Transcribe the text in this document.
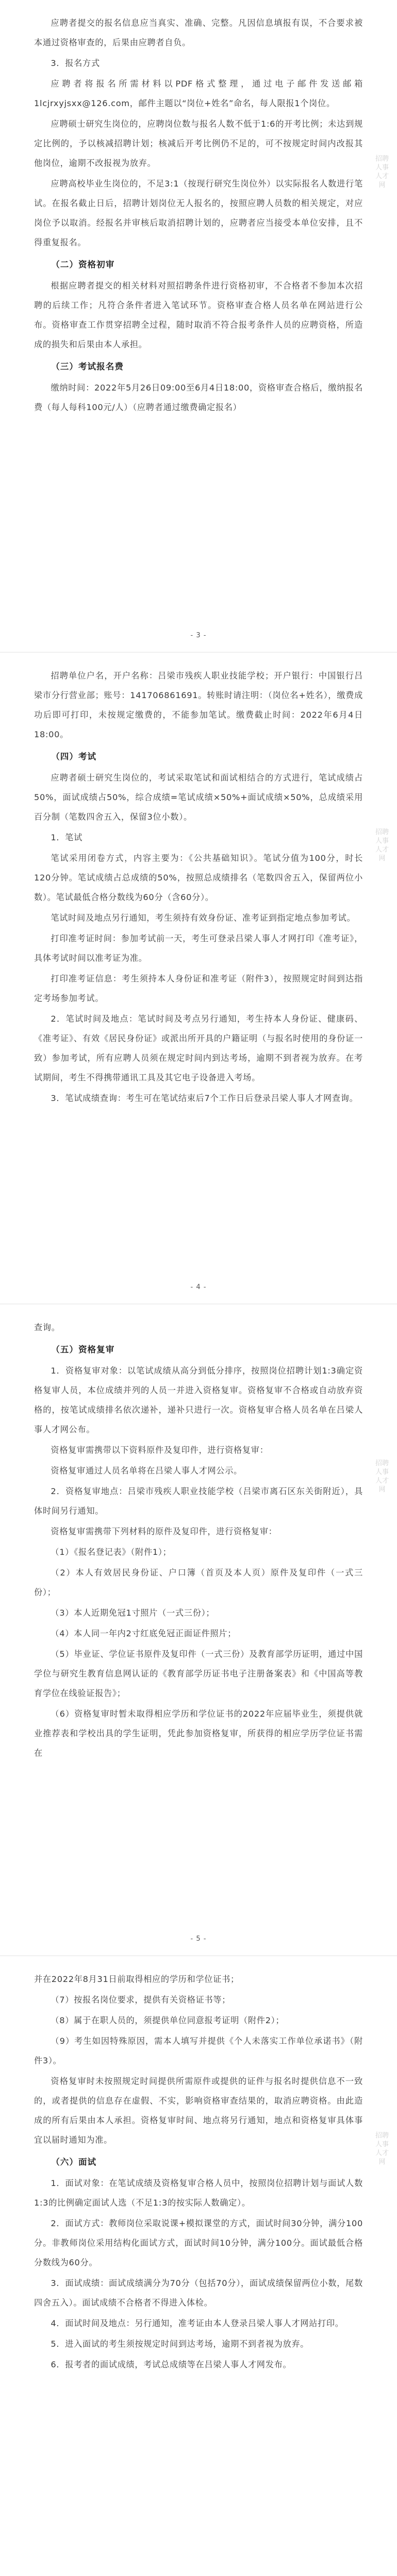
应聘者提交的报名信息应当真实、准确、完整。凡因信息填报有误，不合要求被本通过资格审查的，后果由应聘者自负。
3．报名方式
应聘者将报名所需材料以PDF格式整理，通过电子邮件发送邮箱1lcjrxyjsxx@126.com，邮件主题以“岗位+姓名”命名，每人限报1个岗位。
应聘硕士研究生岗位的，应聘岗位数与报名人数不低于1:6的开考比例；未达到规定比例的，予以核减招聘计划；核减后开考比例仍不足的，可不按规定时间内改报其他岗位，逾期不改报视为放弃。
应聘高校毕业生岗位的，不足3:1（按现行研究生岗位外）以实际报名人数进行笔试。在报名截止日后，招聘计划岗位无人报名的，按照应聘人员数的相关规定，对应岗位予以取消。经报名并审核后取消招聘计划的，应聘者应当接受本单位安排，且不得重复报名。
（二）资格初审
根据应聘者提交的相关材料对照招聘条件进行资格初审，不合格者不参加本次招聘的后续工作；凡符合条件者进入笔试环节。资格审查合格人员名单在网站进行公布。资格审查工作贯穿招聘全过程，随时取消不符合报考条件人员的应聘资格，所造成的损失和后果由本人承担。
（三）考试报名费
缴纳时间：2022年5月26日09:00至6月4日18:00，资格审查合格后，缴纳报名费（每人每科100元/人）（应聘者通过缴费确定报名）
招聘人事人才网
- 3 -
招聘单位户名，开户名称：吕梁市残疾人职业技能学校；开户银行：中国银行吕梁市分行营业部；账号：141706861691。转账时请注明：（岗位名+姓名），缴费成功后即可打印，未按规定缴费的，不能参加笔试。缴费截止时间：2022年6月4日18:00。
（四）考试
应聘者硕士研究生岗位的，考试采取笔试和面试相结合的方式进行，笔试成绩占50%，面试成绩占50%，综合成绩=笔试成绩×50%+面试成绩×50%，总成绩采用百分制（笔数四舍五入，保留3位小数）。
1．笔试
笔试采用闭卷方式，内容主要为：《公共基础知识》。笔试分值为100分，时长120分钟。笔试成绩占总成绩的50%，按照总成绩排名（笔数四舍五入，保留两位小数）。笔试最低合格分数线为60分（含60分）。
笔试时间及地点另行通知，考生须持有效身份证、准考证到指定地点参加考试。
打印准考证时间：参加考试前一天，考生可登录吕梁人事人才网打印《准考证》，具体考试时间以准考证为准。
打印准考证信息：考生须持本人身份证和准考证（附件3），按照规定时间到达指定考场参加考试。
2．笔试时间及地点：笔试时间及考点另行通知，考生持本人身份证、健康码、《准考证》、有效《居民身份证》或派出所开具的户籍证明（与报名时使用的身份证一致）参加考试，所有应聘人员须在规定时间内到达考场，逾期不到者视为放弃。在考试期间，考生不得携带通讯工具及其它电子设备进入考场。
3．笔试成绩查询：考生可在笔试结束后7个工作日后登录吕梁人事人才网查询。
招聘人事人才网
- 4 -
查询。
（五）资格复审
1．资格复审对象：以笔试成绩从高分到低分排序，按照岗位招聘计划1:3确定资格复审人员，本位成绩并列的人员一并进入资格复审。资格复审不合格或自动放弃资格的，按笔试成绩排名依次递补，递补只进行一次。资格复审合格人员名单在吕梁人事人才网公布。
资格复审需携带以下资料原件及复印件，进行资格复审：
资格复审通过人员名单将在吕梁人事人才网公示。
2．资格复审地点：吕梁市残疾人职业技能学校（吕梁市离石区东关街附近），具体时间另行通知。
资格复审需携带下列材料的原件及复印件，进行资格复审：
（1）《报名登记表》（附件1）；
（2）本人有效居民身份证、户口簿（首页及本人页）原件及复印件（一式三份）；
（3）本人近期免冠1寸照片（一式三份）；
（4）本人同一年内2寸红底免冠正面证件照片；
（5）毕业证、学位证书原件及复印件（一式三份）及教育部学历证明，通过中国学位与研究生教育信息网认证的《教育部学历证书电子注册备案表》和《中国高等教育学位在线验证报告》；
（6）资格复审时暂未取得相应学历和学位证书的2022年应届毕业生，须提供就业推荐表和学校出具的学生证明，凭此参加资格复审，所获得的相应学历学位证书需在
招聘人事人才网
- 5 -
并在2022年8月31日前取得相应的学历和学位证书；
（7）按报名岗位要求，提供有关资格证书等；
（8）属于在职人员的，须提供单位同意报考证明（附件2）；
（9）考生如因特殊原因，需本人填写并提供《个人未落实工作单位承诺书》（附件3）。
资格复审时未按照规定时间提供所需原件或提供的证件与报名时提供信息不一致的，或者提供的信息存在虚假、不实，影响资格审查结果的，取消应聘资格。由此造成的所有后果由本人承担。资格复审时间、地点将另行通知，地点和资格复审具体事宜以届时通知为准。
（六）面试
1．面试对象：在笔试成绩及资格复审合格人员中，按照岗位招聘计划与面试人数1:3的比例确定面试人选（不足1:3的按实际人数确定）。
2．面试方式：教师岗位采取说课+模拟课堂的方式，面试时间30分钟，满分100分。非教师岗位采用结构化面试方式，面试时间10分钟，满分100分。面试最低合格分数线为60分。
3．面试成绩：面试成绩满分为70分（包括70分），面试成绩保留两位小数，尾数四舍五入）。面试成绩不合格者不得进入体检。
4．面试时间及地点：另行通知，准考证由本人登录吕梁人事人才网站打印。
5．进入面试的考生须按规定时间到达考场，逾期不到者视为放弃。
6．报考者的面试成绩，考试总成绩等在吕梁人事人才网发布。
招聘人事人才网
